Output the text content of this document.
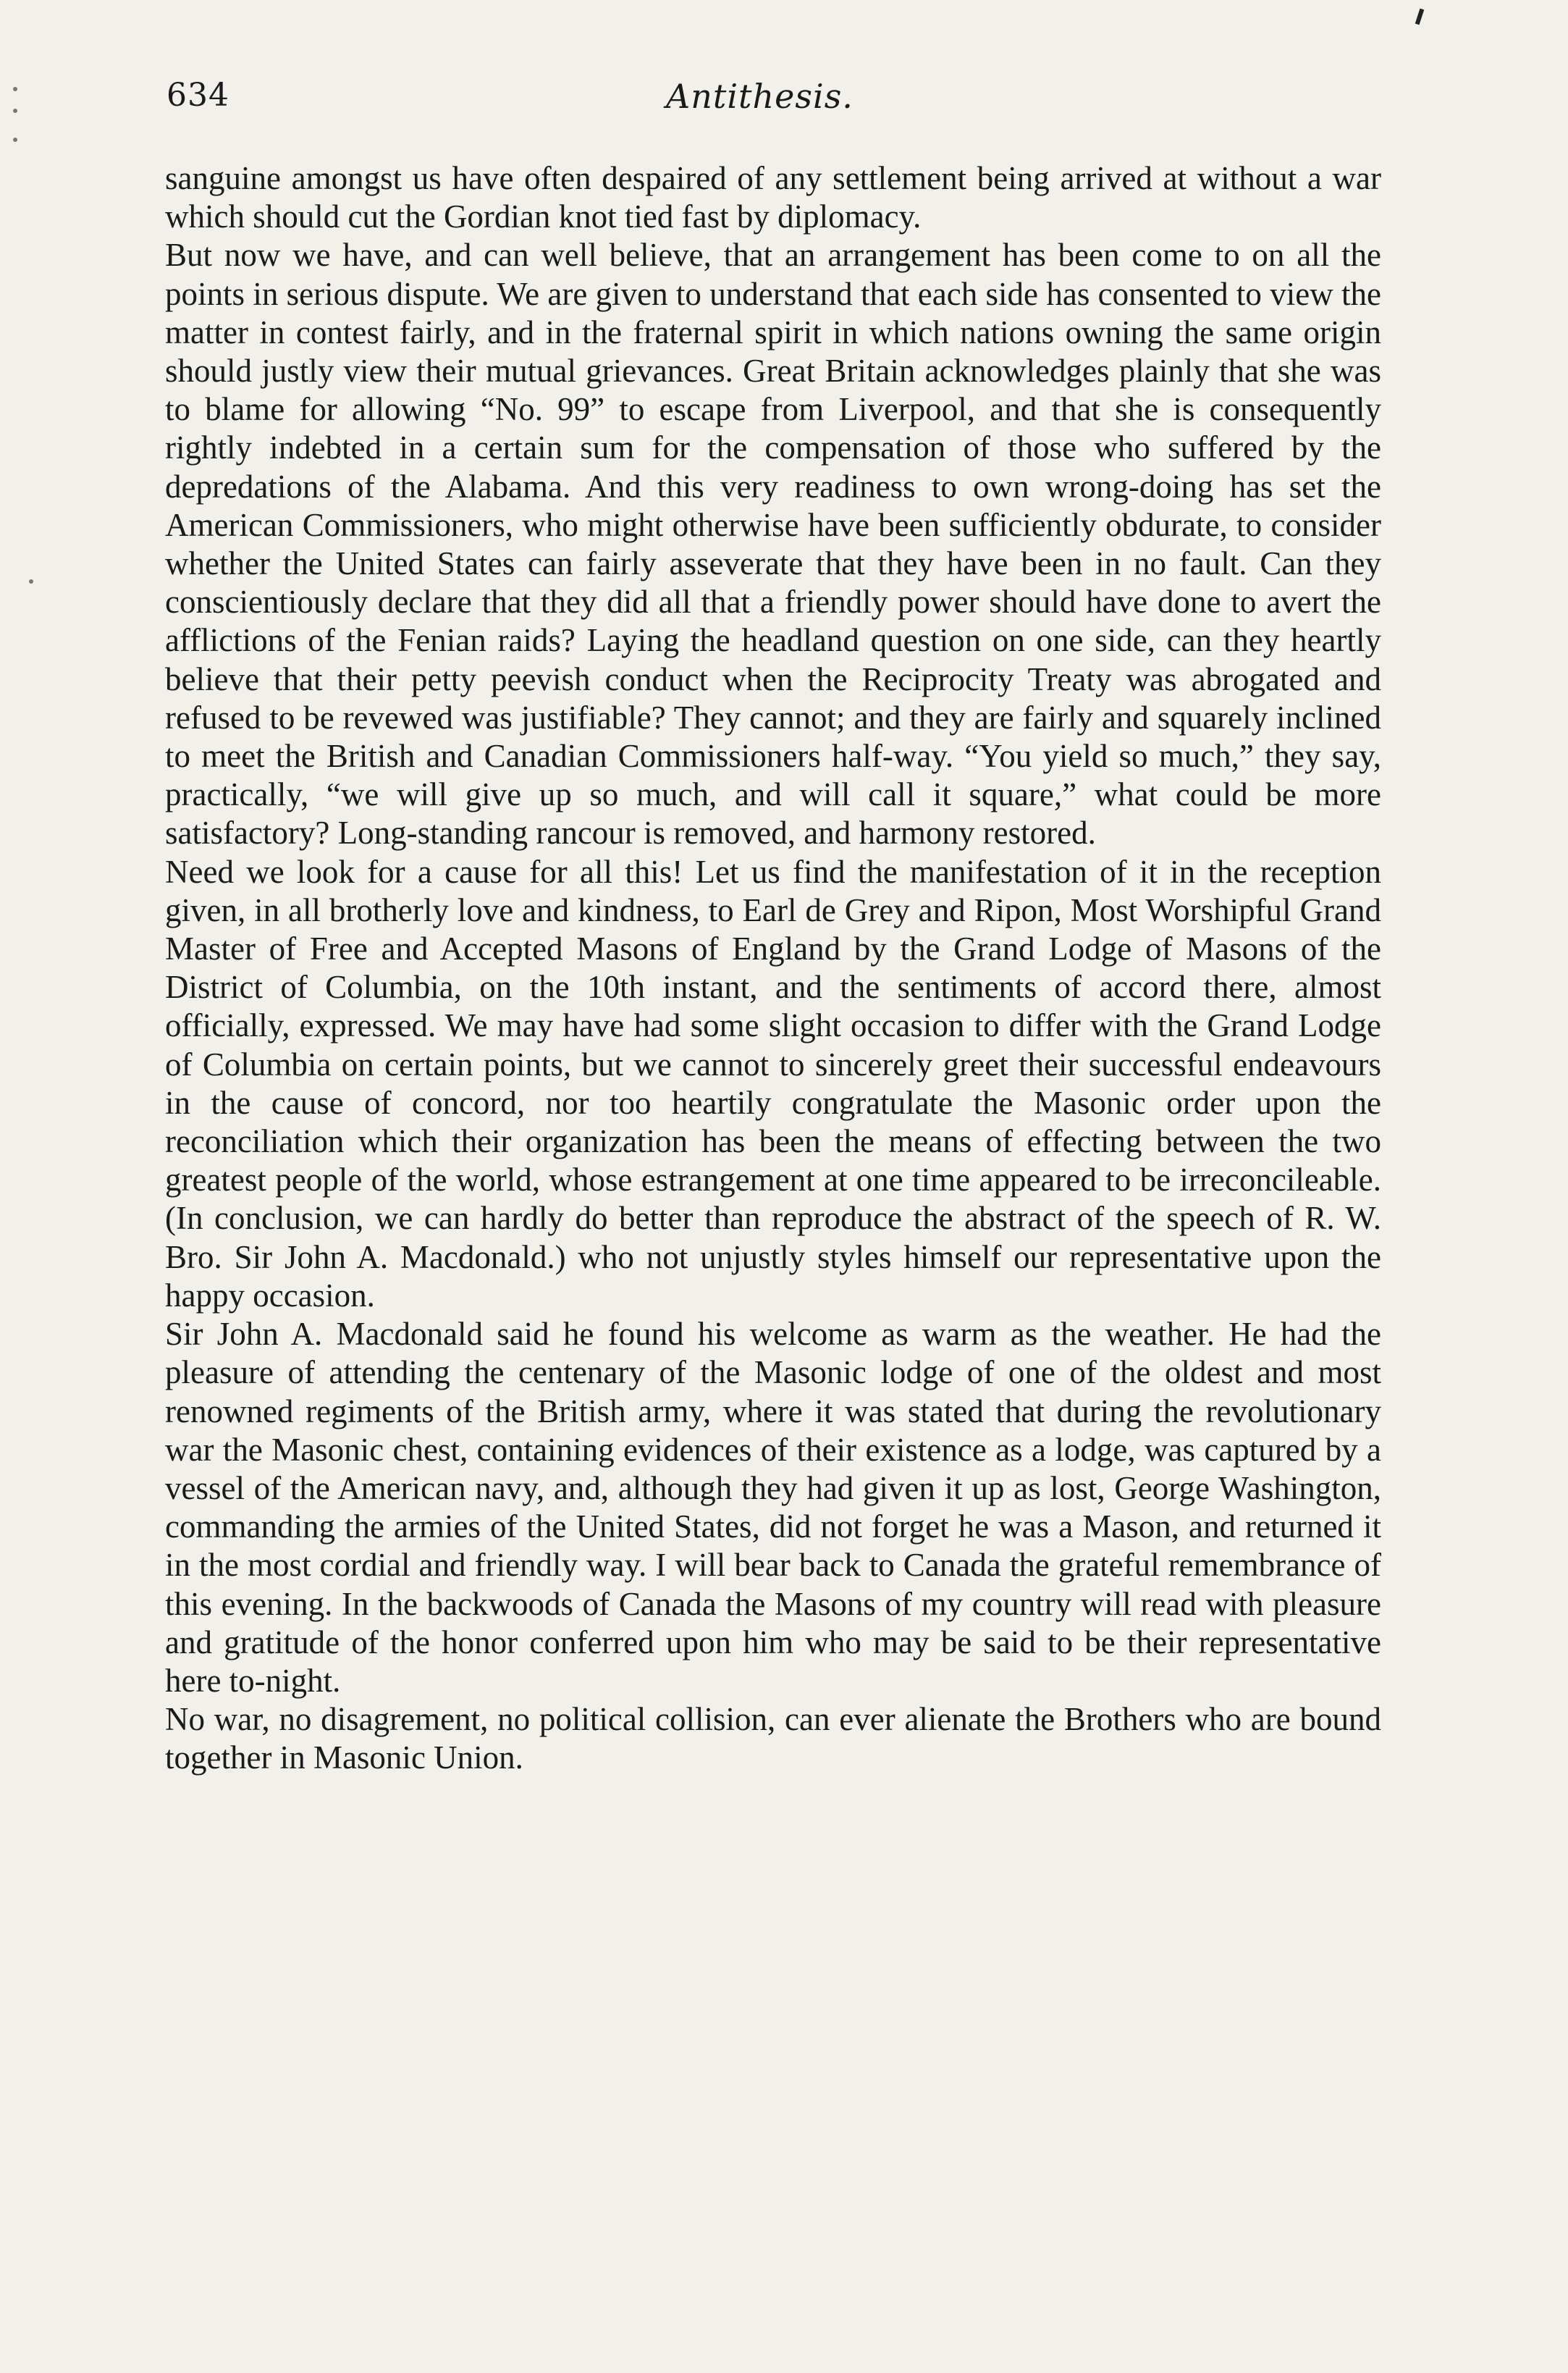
634	Antithesis.

sanguine amongst us have often despaired of any settlement being arrived at without a war which should cut the Gordian knot tied fast by diplomacy.

But now we have, and can well believe, that an arrangement has been come to on all the points in serious dispute. We are given to understand that each side has consented to view the matter in contest fairly, and in the fraternal spirit in which nations owning the same origin should justly view their mutual grievances. Great Britain acknowledges plainly that she was to blame for allowing “No. 99” to escape from Liverpool, and that she is consequently rightly indebted in a certain sum for the compensation of those who suffered by the depredations of the Alabama. And this very readiness to own wrong-doing has set the American Commissioners, who might otherwise have been sufficiently obdurate, to consider whether the United States can fairly asseverate that they have been in no fault. Can they conscientiously declare that they did all that a friendly power should have done to avert the afflictions of the Fenian raids? Laying the headland question on one side, can they heartly believe that their petty peevish conduct when the Reciprocity Treaty was abrogated and refused to be revewed was justifiable? They cannot; and they are fairly and squarely inclined to meet the British and Canadian Commissioners half-way. “You yield so much,” they say, practically, “we will give up so much, and will call it square,” what could be more satisfactory? Long-standing rancour is removed, and harmony restored.

Need we look for a cause for all this! Let us find the manifestation of it in the reception given, in all brotherly love and kindness, to Earl de Grey and Ripon, Most Worshipful Grand Master of Free and Accepted Masons of England by the Grand Lodge of Masons of the District of Columbia, on the 10th instant, and the sentiments of accord there, almost officially, expressed. We may have had some slight occasion to differ with the Grand Lodge of Columbia on certain points, but we cannot to sincerely greet their successful endeavours in the cause of concord, nor too heartily congratulate the Masonic order upon the reconciliation which their organization has been the means of effecting between the two greatest people of the world, whose estrangement at one time appeared to be irreconcileable. (In conclusion, we can hardly do better than reproduce the abstract of the speech of R. W. Bro. Sir John A. Macdonald.) who not unjustly styles himself our representative upon the happy occasion.

Sir John A. Macdonald said he found his welcome as warm as the weather. He had the pleasure of attending the centenary of the Masonic lodge of one of the oldest and most renowned regiments of the British army, where it was stated that during the revolutionary war the Masonic chest, containing evidences of their existence as a lodge, was captured by a vessel of the American navy, and, although they had given it up as lost, George Washington, commanding the armies of the United States, did not forget he was a Mason, and returned it in the most cordial and friendly way. I will bear back to Canada the grateful remembrance of this evening. In the backwoods of Canada the Masons of my country will read with pleasure and gratitude of the honor conferred upon him who may be said to be their representative here to-night.

No war, no disagrement, no political collision, can ever alienate the Brothers who are bound together in Masonic Union.
